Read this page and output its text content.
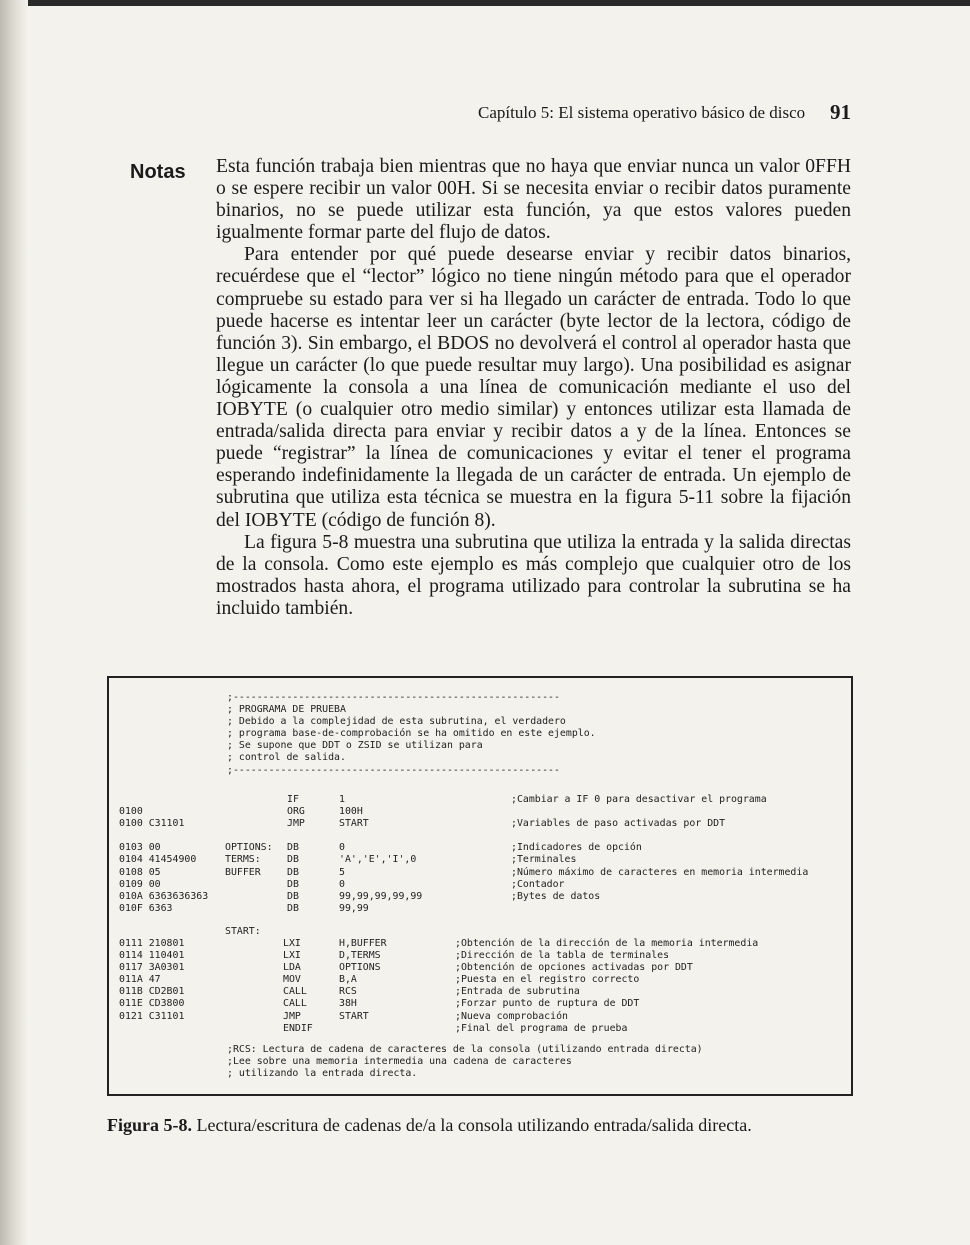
Capítulo 5: El sistema operativo básico de disco 91
Notas Esta función trabaja bien mientras que no haya que enviar nunca un valor 0FFH o se espere recibir un valor 00H. Si se necesita enviar o recibir datos puramente binarios, no se puede utilizar esta función, ya que estos valores pueden igualmente formar parte del flujo de datos.

Para entender por qué puede desearse enviar y recibir datos binarios, recuérdese que el “lector” lógico no tiene ningún método para que el operador compruebe su estado para ver si ha llegado un carácter de entrada. Todo lo que puede hacerse es intentar leer un carácter (byte lector de la lectora, código de función 3). Sin embargo, el BDOS no devolverá el control al operador hasta que llegue un carácter (lo que puede resultar muy largo). Una posibilidad es asignar lógicamente la consola a una línea de comunicación mediante el uso del IOBYTE (o cualquier otro medio similar) y entonces utilizar esta llamada de entrada/salida directa para enviar y recibir datos a y de la línea. Entonces se puede “registrar” la línea de comunicaciones y evitar el tener el programa esperando indefinidamente la llegada de un carácter de entrada. Un ejemplo de subrutina que utiliza esta técnica se muestra en la figura 5-11 sobre la fijación del IOBYTE (código de función 8).

La figura 5-8 muestra una subrutina que utiliza la entrada y la salida directas de la consola. Como este ejemplo es más complejo que cualquier otro de los mostrados hasta ahora, el programa utilizado para controlar la subrutina se ha incluido también.

;-------------------------------------------------------
; PROGRAMA DE PRUEBA
; Debido a la complejidad de esta subrutina, el verdadero
; programa base-de-comprobación se ha omitido en este ejemplo.
; Se supone que DDT o ZSID se utilizan para
; control de salida.
;-------------------------------------------------------

0100
0100 C31101

0103 00
0104 41454900
0108 05
0109 00
010A 6363636363
010F 6363

OPTIONS:
TERMS:
BUFFER
IF
ORG
JMP

DB
DB
DB
DB
DB
DB
1
100H
START

0
'A','E','I',0
5
0
99,99,99,99,99
99,99
;Cambiar a IF 0 para desactivar el programa

;Variables de paso activadas por DDT

;Indicadores de opción
;Terminales
;Número máximo de caracteres en memoria intermedia
;Contador
;Bytes de datos
START:
0111 210801
0114 110401
0117 3A0301
011A 47
011B CD2B01
011E CD3800
0121 C31101
LXI
LXI
LDA
MOV
CALL
CALL
JMP
ENDIF
H,BUFFER
D,TERMS
OPTIONS
B,A
RCS
38H
START
;Obtención de la dirección de la memoria intermedia
;Dirección de la tabla de terminales
;Obtención de opciones activadas por DDT
;Puesta en el registro correcto
;Entrada de subrutina
;Forzar punto de ruptura de DDT
;Nueva comprobación
;Final del programa de prueba
;RCS: Lectura de cadena de caracteres de la consola (utilizando entrada directa)
;Lee sobre una memoria intermedia una cadena de caracteres
; utilizando la entrada directa.
Figura 5-8. Lectura/escritura de cadenas de/a la consola utilizando entrada/salida directa.
